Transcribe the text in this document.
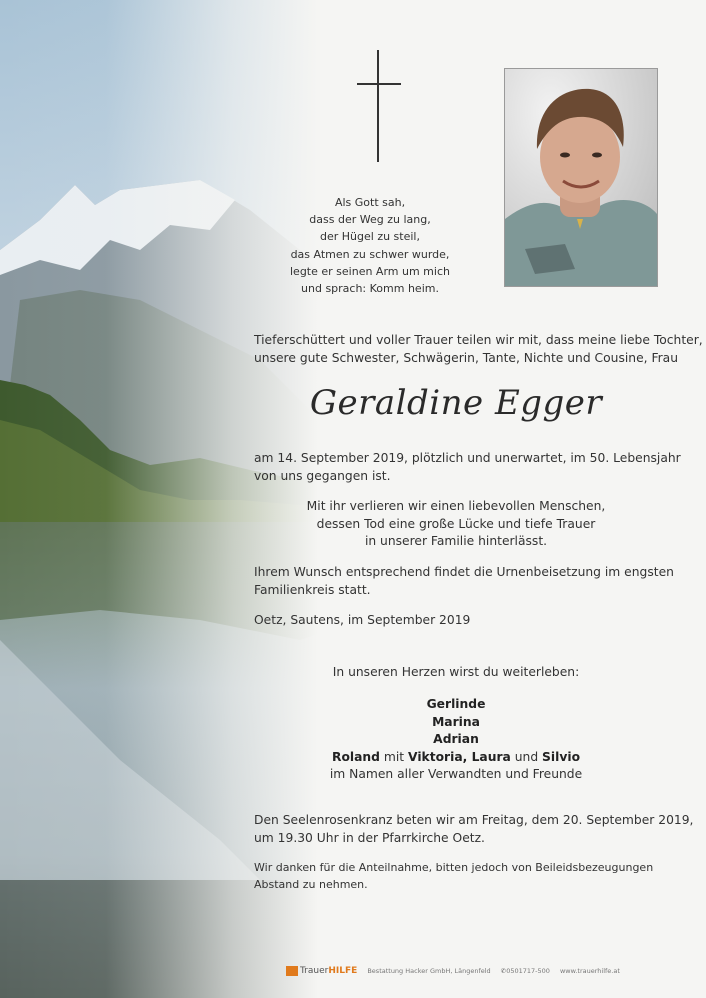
Als Gott sah,
dass der Weg zu lang,
der Hügel zu steil,
das Atmen zu schwer wurde,
legte er seinen Arm um mich
und sprach: Komm heim.
Tieferschüttert und voller Trauer teilen wir mit, dass meine liebe Tochter,
unsere gute Schwester, Schwägerin, Tante, Nichte und Cousine, Frau
Geraldine Egger
am 14. September 2019, plötzlich und unerwartet, im 50. Lebensjahr
von uns gegangen ist.
Mit ihr verlieren wir einen liebevollen Menschen,
dessen Tod eine große Lücke und tiefe Trauer
in unserer Familie hinterlässt.
Ihrem Wunsch entsprechend findet die Urnenbeisetzung im engsten
Familienkreis statt.
Oetz, Sautens, im September 2019
In unseren Herzen wirst du weiterleben:
Gerlinde
Marina
Adrian
Roland mit Viktoria, Laura und Silvio
im Namen aller Verwandten und Freunde
Den Seelenrosenkranz beten wir am Freitag, dem 20. September 2019,
um 19.30 Uhr in der Pfarrkirche Oetz.
Wir danken für die Anteilnahme, bitten jedoch von Beileidsbezeugungen
Abstand zu nehmen.
TrauerHILFE Bestattung Hacker GmbH, Längenfeld ✆0501717-500 www.trauerhilfe.at
